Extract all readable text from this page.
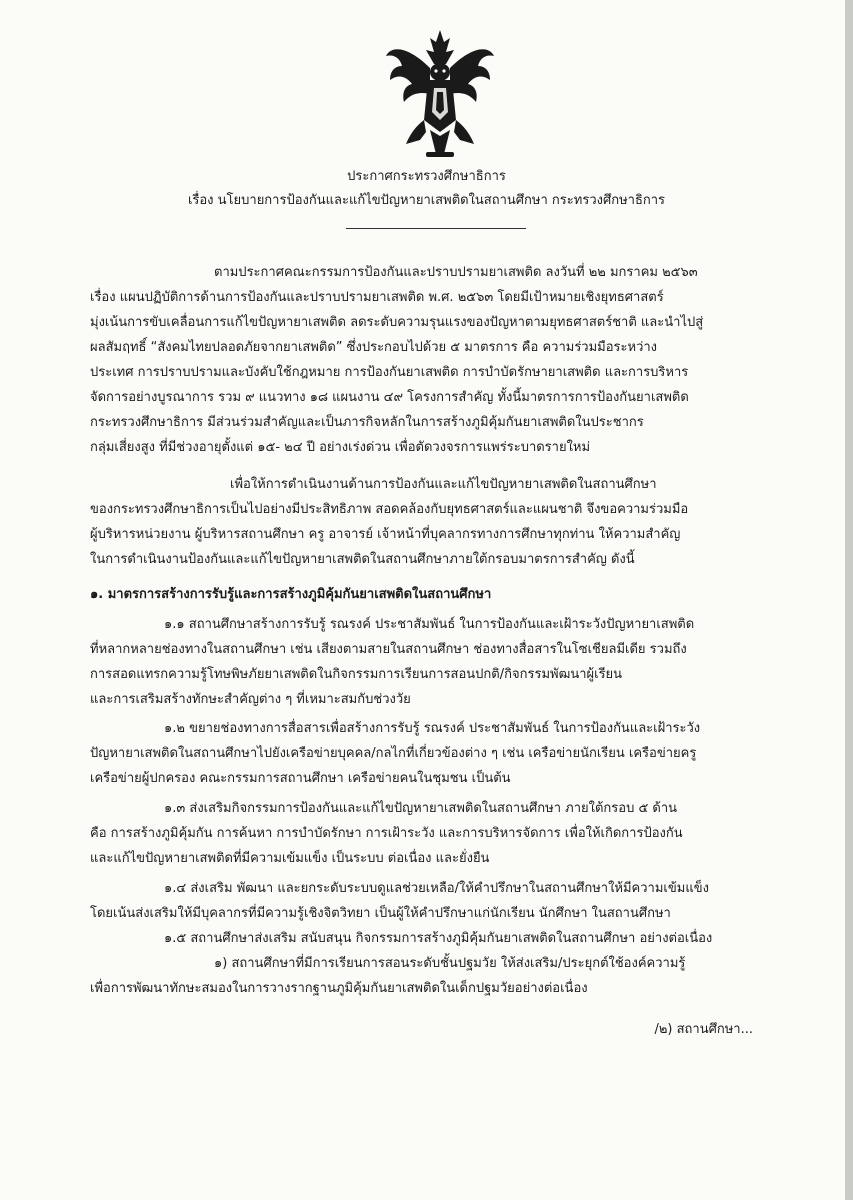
ประกาศกระทรวงศึกษาธิการ
เรื่อง นโยบายการป้องกันและแก้ไขปัญหายาเสพติดในสถานศึกษา กระทรวงศึกษาธิการ
ตามประกาศคณะกรรมการป้องกันและปราบปรามยาเสพติด ลงวันที่ ๒๒ มกราคม ๒๕๖๓
เรื่อง แผนปฏิบัติการด้านการป้องกันและปราบปรามยาเสพติด พ.ศ. ๒๕๖๓ โดยมีเป้าหมายเชิงยุทธศาสตร์
มุ่งเน้นการขับเคลื่อนการแก้ไขปัญหายาเสพติด ลดระดับความรุนแรงของปัญหาตามยุทธศาสตร์ชาติ และนำไปสู่
ผลสัมฤทธิ์ “สังคมไทยปลอดภัยจากยาเสพติด” ซึ่งประกอบไปด้วย ๕ มาตรการ คือ ความร่วมมือระหว่าง
ประเทศ การปราบปรามและบังคับใช้กฎหมาย การป้องกันยาเสพติด การบำบัดรักษายาเสพติด และการบริหาร
จัดการอย่างบูรณาการ รวม ๙ แนวทาง ๑๘ แผนงาน ๔๙ โครงการสำคัญ ทั้งนี้มาตรการการป้องกันยาเสพติด
กระทรวงศึกษาธิการ มีส่วนร่วมสำคัญและเป็นภารกิจหลักในการสร้างภูมิคุ้มกันยาเสพติดในประชากร
กลุ่มเสี่ยงสูง ที่มีช่วงอายุตั้งแต่ ๑๕- ๒๔ ปี อย่างเร่งด่วน เพื่อตัดวงจรการแพร่ระบาดรายใหม่
เพื่อให้การดำเนินงานด้านการป้องกันและแก้ไขปัญหายาเสพติดในสถานศึกษา
ของกระทรวงศึกษาธิการเป็นไปอย่างมีประสิทธิภาพ สอดคล้องกับยุทธศาสตร์และแผนชาติ จึงขอความร่วมมือ
ผู้บริหารหน่วยงาน ผู้บริหารสถานศึกษา ครู อาจารย์ เจ้าหน้าที่บุคลากรทางการศึกษาทุกท่าน ให้ความสำคัญ
ในการดำเนินงานป้องกันและแก้ไขปัญหายาเสพติดในสถานศึกษาภายใต้กรอบมาตรการสำคัญ ดังนี้
๑. มาตรการสร้างการรับรู้และการสร้างภูมิคุ้มกันยาเสพติดในสถานศึกษา
๑.๑ สถานศึกษาสร้างการรับรู้ รณรงค์ ประชาสัมพันธ์ ในการป้องกันและเฝ้าระวังปัญหายาเสพติด
ที่หลากหลายช่องทางในสถานศึกษา เช่น เสียงตามสายในสถานศึกษา ช่องทางสื่อสารในโซเชียลมีเดีย รวมถึง
การสอดแทรกความรู้โทษพิษภัยยาเสพติดในกิจกรรมการเรียนการสอนปกติ/กิจกรรมพัฒนาผู้เรียน
และการเสริมสร้างทักษะสำคัญต่าง ๆ ที่เหมาะสมกับช่วงวัย
๑.๒ ขยายช่องทางการสื่อสารเพื่อสร้างการรับรู้ รณรงค์ ประชาสัมพันธ์ ในการป้องกันและเฝ้าระวัง
ปัญหายาเสพติดในสถานศึกษาไปยังเครือข่ายบุคคล/กลไกที่เกี่ยวข้องต่าง ๆ เช่น เครือข่ายนักเรียน เครือข่ายครู
เครือข่ายผู้ปกครอง คณะกรรมการสถานศึกษา เครือข่ายคนในชุมชน เป็นต้น
๑.๓ ส่งเสริมกิจกรรมการป้องกันและแก้ไขปัญหายาเสพติดในสถานศึกษา ภายใต้กรอบ ๕ ด้าน
คือ การสร้างภูมิคุ้มกัน การค้นหา การบำบัดรักษา การเฝ้าระวัง และการบริหารจัดการ เพื่อให้เกิดการป้องกัน
และแก้ไขปัญหายาเสพติดที่มีความเข้มแข็ง เป็นระบบ ต่อเนื่อง และยั่งยืน
๑.๔ ส่งเสริม พัฒนา และยกระดับระบบดูแลช่วยเหลือ/ให้คำปรึกษาในสถานศึกษาให้มีความเข้มแข็ง
โดยเน้นส่งเสริมให้มีบุคลากรที่มีความรู้เชิงจิตวิทยา เป็นผู้ให้คำปรึกษาแก่นักเรียน นักศึกษา ในสถานศึกษา
๑.๕ สถานศึกษาส่งเสริม สนับสนุน กิจกรรมการสร้างภูมิคุ้มกันยาเสพติดในสถานศึกษา อย่างต่อเนื่อง
๑) สถานศึกษาที่มีการเรียนการสอนระดับชั้นปฐมวัย ให้ส่งเสริม/ประยุกต์ใช้องค์ความรู้
เพื่อการพัฒนาทักษะสมองในการวางรากฐานภูมิคุ้มกันยาเสพติดในเด็กปฐมวัยอย่างต่อเนื่อง
/๒) สถานศึกษา...
